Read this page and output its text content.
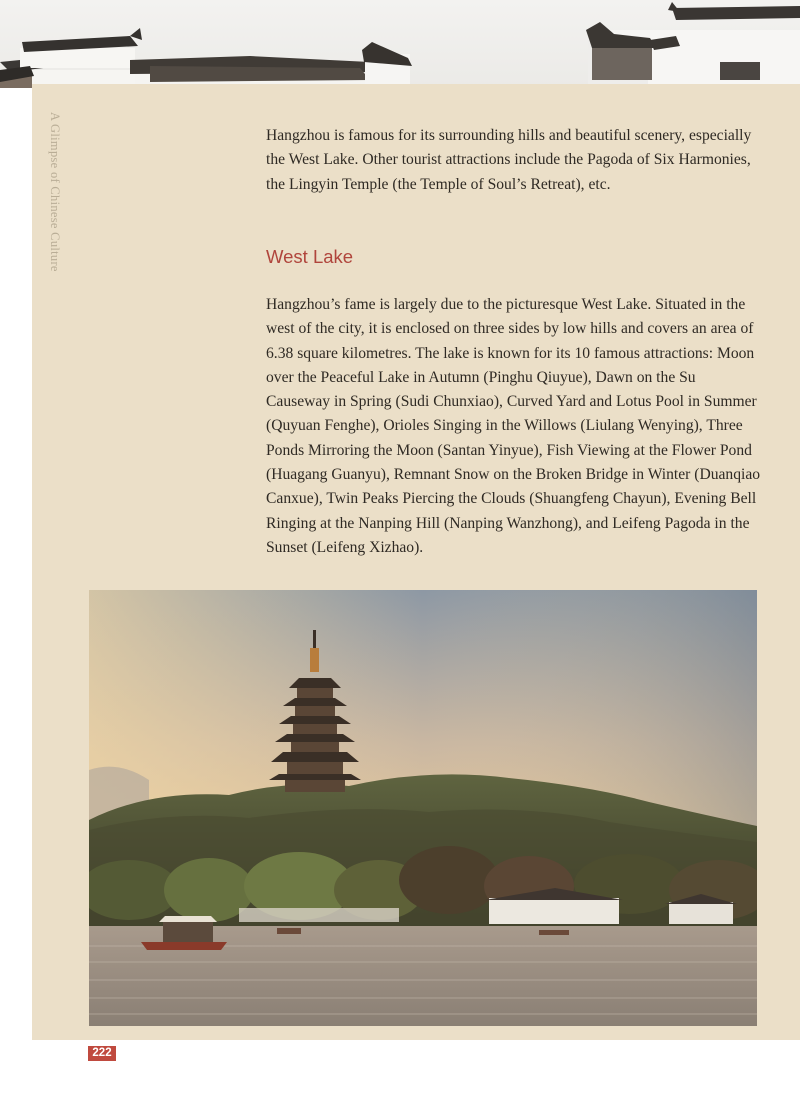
A Glimpse of Chinese Culture	Hangzhou is famous for its surrounding hills and beautiful scenery, especially the West Lake. Other tourist attractions include the Pagoda of Six Harmonies, the Lingyin Temple (the Temple of Soul’s Retreat), etc.

West Lake

Hangzhou’s fame is largely due to the picturesque West Lake. Situated in the west of the city, it is enclosed on three sides by low hills and covers an area of 6.38 square kilometres. The lake is known for its 10 famous attractions: Moon over the Peaceful Lake in Autumn (Pinghu Qiuyue), Dawn on the Su Causeway in Spring (Sudi Chunxiao), Curved Yard and Lotus Pool in Summer (Quyuan Fenghe), Orioles Singing in the Willows (Liulang Wenying), Three Ponds Mirroring the Moon (Santan Yinyue), Fish Viewing at the Flower Pond (Huagang Guanyu), Remnant Snow on the Broken Bridge in Winter (Duanqiao Canxue), Twin Peaks Piercing the Clouds (Shuangfeng Chayun), Evening Bell Ringing at the Nanping Hill (Nanping Wanzhong), and Leifeng Pagoda in the Sunset (Leifeng Xizhao).

222
